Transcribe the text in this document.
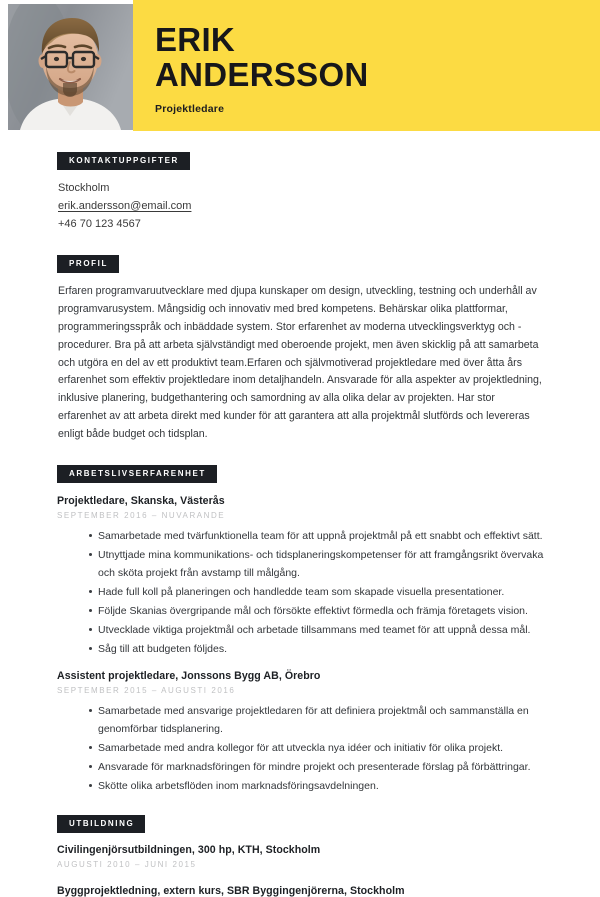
ERIK
ANDERSSON
Projektledare
KONTAKTUPPGIFTER
Stockholm
erik.andersson@email.com
+46 70 123 4567
PROFIL

Erfaren programvaruutvecklare med djupa kunskaper om design, utveckling, testning och underhåll av programvarusystem. Mångsidig och innovativ med bred kompetens. Behärskar olika plattformar, programmeringsspråk och inbäddade system. Stor erfarenhet av moderna utvecklingsverktyg och -procedurer. Bra på att arbeta självständigt med oberoende projekt, men även skicklig på att samarbeta och utgöra en del av ett produktivt team.Erfaren och självmotiverad projektledare med över åtta års erfarenhet som effektiv projektledare inom detaljhandeln. Ansvarade för alla aspekter av projektledning, inklusive planering, budgethantering och samordning av alla olika delar av projekten. Har stor erfarenhet av att arbeta direkt med kunder för att garantera att alla projektmål slutförds och levereras enligt både budget och tidsplan.

ARBETSLIVSERFARENHET
Projektledare, Skanska, Västerås
SEPTEMBER 2016 – NUVARANDE
Samarbetade med tvärfunktionella team för att uppnå projektmål på ett snabbt och effektivt sätt.
Utnyttjade mina kommunikations- och tidsplaneringskompetenser för att framgångsrikt övervaka och sköta projekt från avstamp till målgång.
Hade full koll på planeringen och handledde team som skapade visuella presentationer.
Följde Skanias övergripande mål och försökte effektivt förmedla och främja företagets vision.
Utvecklade viktiga projektmål och arbetade tillsammans med teamet för att uppnå dessa mål.
Såg till att budgeten följdes.
Assistent projektledare, Jonssons Bygg AB, Örebro
SEPTEMBER 2015 – AUGUSTI 2016
Samarbetade med ansvarige projektledaren för att definiera projektmål och sammanställa en genomförbar tidsplanering.
Samarbetade med andra kollegor för att utveckla nya idéer och initiativ för olika projekt.
Ansvarade för marknadsföringen för mindre projekt och presenterade förslag på förbättringar.
Skötte olika arbetsflöden inom marknadsföringsavdelningen.
UTBILDNING
Civilingenjörsutbildningen, 300 hp, KTH, Stockholm
AUGUSTI 2010 – JUNI 2015
Byggprojektledning, extern kurs, SBR Byggingenjörerna, Stockholm
